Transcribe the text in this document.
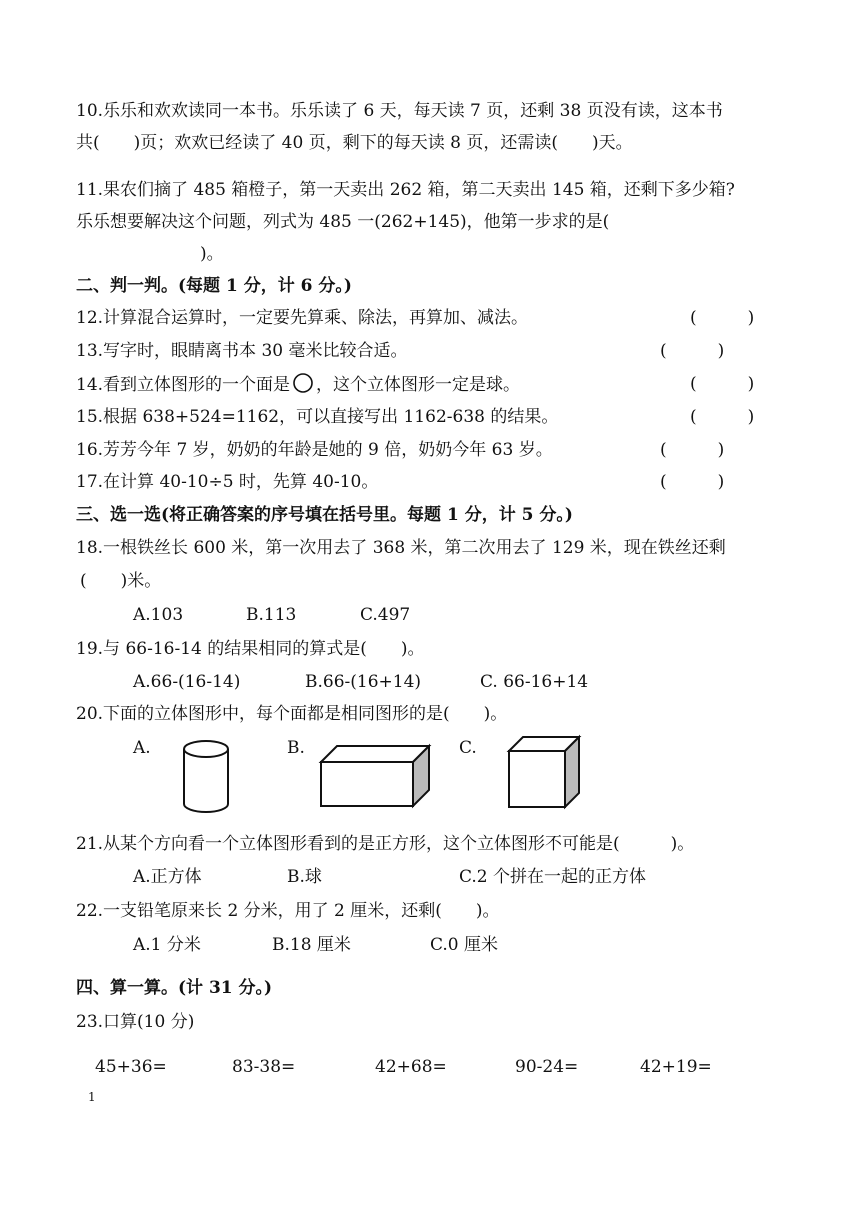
10.乐乐和欢欢读同一本书。乐乐读了 6 天，每天读 7 页，还剩 38 页没有读，这本书
共(　　)页；欢欢已经读了 40 页，剩下的每天读 8 页，还需读(　　)天。
11.果农们摘了 485 箱橙子，第一天卖出 262 箱，第二天卖出 145 箱，还剩下多少箱?
乐乐想要解决这个问题，列式为 485 一(262+145)，他第一步求的是(
)。
二、判一判。(每题 1 分，计 6 分。)
12.计算混合运算时，一定要先算乘、除法，再算加、减法。	(　　　)
13.写字时，眼睛离书本 30 毫米比较合适。	(　　　)
14.看到立体图形的一个面是 ，这个立体图形一定是球。	(　　　)
15.根据 638+524=1162，可以直接写出 1162-638 的结果。	(　　　)
16.芳芳今年 7 岁，奶奶的年龄是她的 9 倍，奶奶今年 63 岁。	(　　　)
17.在计算 40-10÷5 时，先算 40-10。	(　　　)
三、选一选(将正确答案的序号填在括号里。每题 1 分，计 5 分。)
18.一根铁丝长 600 米，第一次用去了 368 米，第二次用去了 129 米，现在铁丝还剩
(　　)米。
A.103	B.113	C.497
19.与 66-16-14 的结果相同的算式是(　　)。
A.66-(16-14)	B.66-(16+14)	C. 66-16+14
20.下面的立体图形中，每个面都是相同图形的是(　　)。
A.	B.	C.
21.从某个方向看一个立体图形看到的是正方形，这个立体图形不可能是(　　　)。
A.正方体	B.球	C.2 个拼在一起的正方体
22.一支铅笔原来长 2 分米，用了 2 厘米，还剩(　　)。
A.1 分米	B.18 厘米	C.0 厘米
四、算一算。(计 31 分。)
23.口算(10 分)
45+36=	83-38=	42+68=	90-24=	42+19=
1
